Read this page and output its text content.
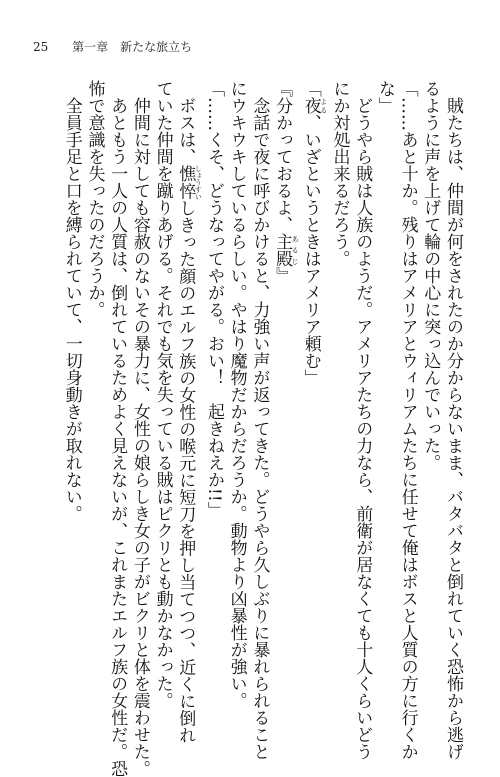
25 第一章　新たな旅立ち
　賊たちは、仲間が何をされたのか分からないまま、バタバタと倒れていく恐怖から逃げ
るように声を上げて輪の中心に突っ込んでいった。
「……あと十か。残りはアメリアとウィリアムたちに任せて俺はボスと人質の方に行くか
な」
　どうやら賊は人族のようだ。アメリアたちの力なら、前衛が居なくても十人くらいどう
にか対処出来るだろう。
「夜 よる、いざというときはアメリア頼む」
『分かっておるよ、主殿 あるじ』
　念話で夜に呼びかけると、力強い声が返ってきた。どうやら久しぶりに暴れられること
にウキウキしているらしい。やはり魔物だからだろうか。動物より凶暴性が強い。
「……くそ、どうなってやがる。おい！　起きねえか!!」
　ボスは、憔悴 しょうすいしきった顔のエルフ族の女性の喉元に短刀を押し当てつつ、近くに倒れ
ていた仲間を蹴りあげる。それでも気を失っている賊はピクリとも動かなかった。
　仲間に対しても容赦のないその暴力に、女性の娘らしき女の子がビクリと体を震わせた。
　あともう一人の人質は、倒れているためよく見えないが、これまたエルフ族の女性だ。恐
怖で意識を失ったのだろうか。
　全員手足と口を縛られていて、一切身動きが取れない。
